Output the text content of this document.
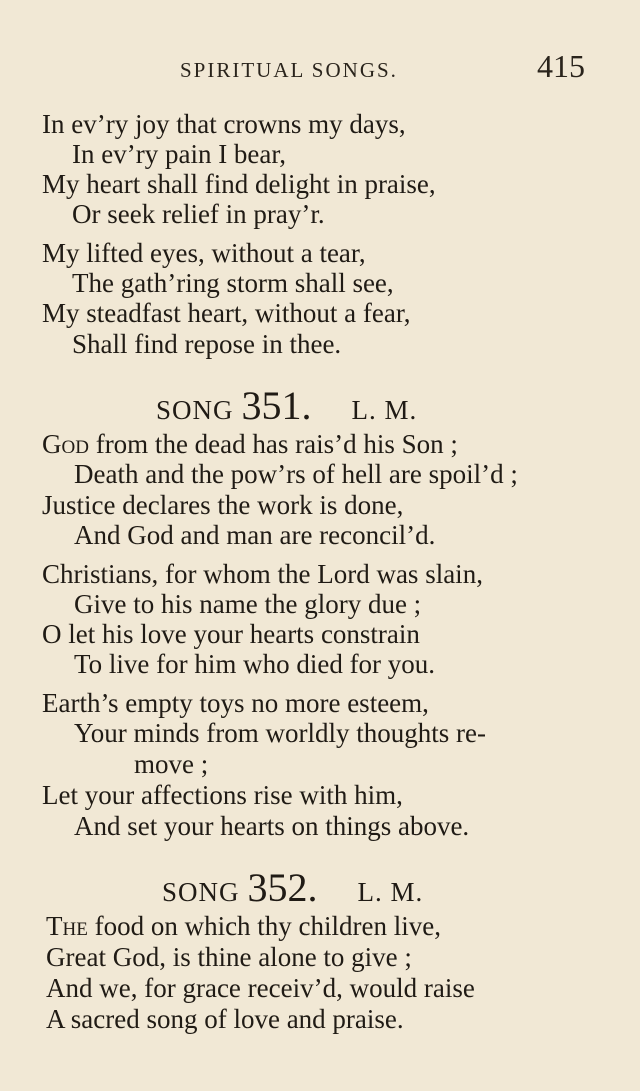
SPIRITUAL SONGS.	415
In ev’ry joy that crowns my days,
In ev’ry pain I bear,
My heart shall find delight in praise,
Or seek relief in pray’r.
My lifted eyes, without a tear,
The gath’ring storm shall see,
My steadfast heart, without a fear,
Shall find repose in thee.
SONG 351. L. M.
God from the dead has rais’d his Son ;
Death and the pow’rs of hell are spoil’d ;
Justice declares the work is done,
And God and man are reconcil’d.
Christians, for whom the Lord was slain,
Give to his name the glory due ;
O let his love your hearts constrain
To live for him who died for you.
Earth’s empty toys no more esteem,
Your minds from worldly thoughts re-
move ;
Let your affections rise with him,
And set your hearts on things above.
SONG 352. L. M.
The food on which thy children live,
Great God, is thine alone to give ;
And we, for grace receiv’d, would raise
A sacred song of love and praise.
